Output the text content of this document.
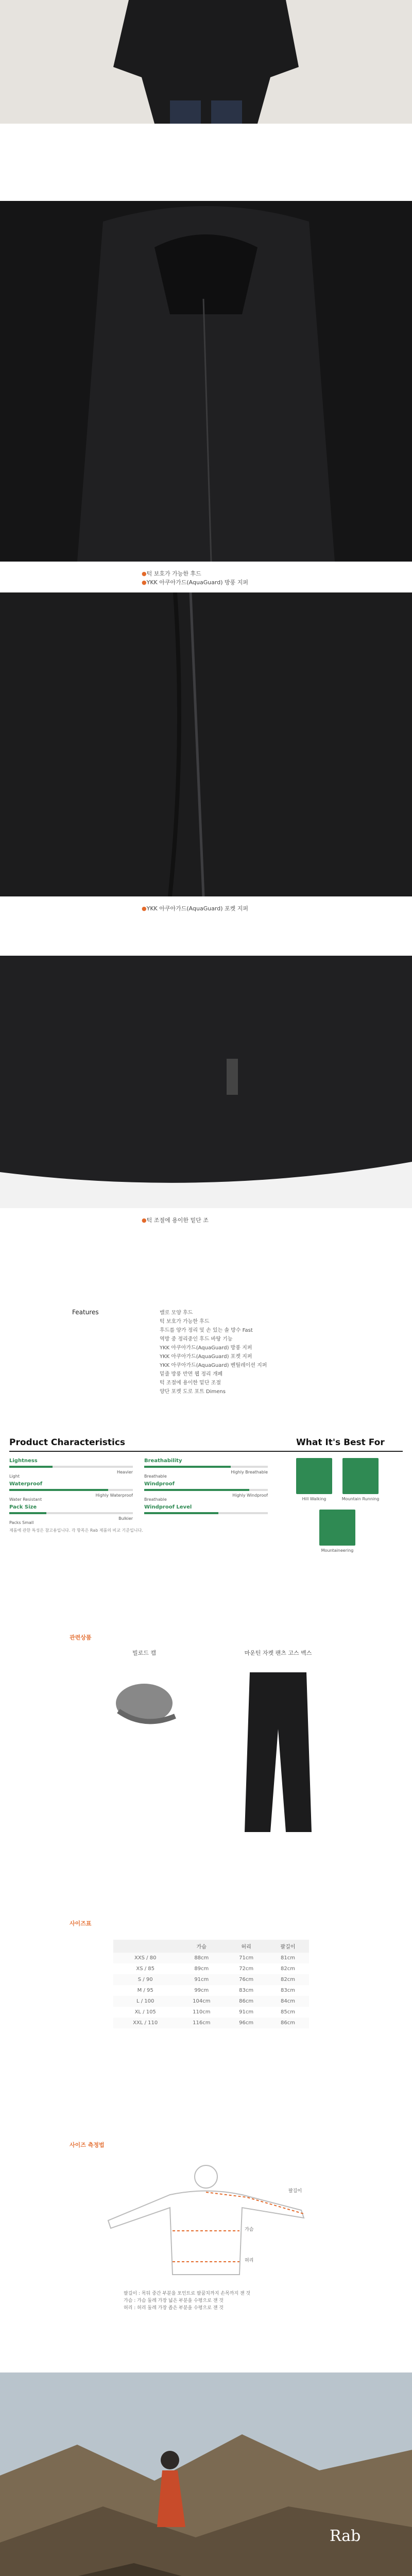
●턱 보호가 가능한 후드
●YKK 아쿠아가드(AquaGuard) 방풍 지퍼
●YKK 아쿠아가드(AquaGuard) 포켓 지퍼
●턱 조절에 용이한 밑단 조
Features	밸로 모양 후드
턱 보호가 가능한 후드
후드를 양가 정리 및 손 있는 솔 방수 Fast
역방 중 정리중인 후드 바탕 기능
YKK 아쿠아가드(AquaGuard) 방풍 지퍼
YKK 아쿠아가드(AquaGuard) 포켓 지퍼
YKK 아쿠아가드(AquaGuard) 벤틸레이션 지퍼
밑줄 방풍 반면 웹 정리 개폐
턱 조절에 용이한 밑단 조절
양단 포켓 도로 포트 Dimens
Product Characteristics	What It's Best For
Lightness
Light
Heavier
Breathability
Breathable
Highly Breathable
Waterproof
Water Resistant
Highly Waterproof
Windproof
Breathable
Highly Windproof
Pack Size
Packs Small
Bulkier
Windproof Level
제품에 관한 특성은 참고용입니다. 각 항목은 Rab 제품의 비교 기준입니다.
Hill Walking	Mountain Running
Mountaineering
관련상품
빌로드 캡	마운틴 자켓 팬츠 고스 벡스
사이즈표
	가슴	허리	팔길이
XXS / 80	88cm	71cm	81cm
XS / 85	89cm	72cm	82cm
S / 90	91cm	76cm	82cm
M / 95	99cm	83cm	83cm
L / 100	104cm	86cm	84cm
XL / 105	110cm	91cm	85cm
XXL / 110	116cm	96cm	86cm
사이즈 측정법
팔길이
가슴
허리
팔길이 : 목뒤 중간 부분을 포인트로 팔꿈치까지 손목까지 잰 것
가슴 : 가슴 둘레 가장 넓은 부분을 수평으로 잰 것
허리 : 허리 둘레 가장 좁은 부분을 수평으로 잰 것
Rab
